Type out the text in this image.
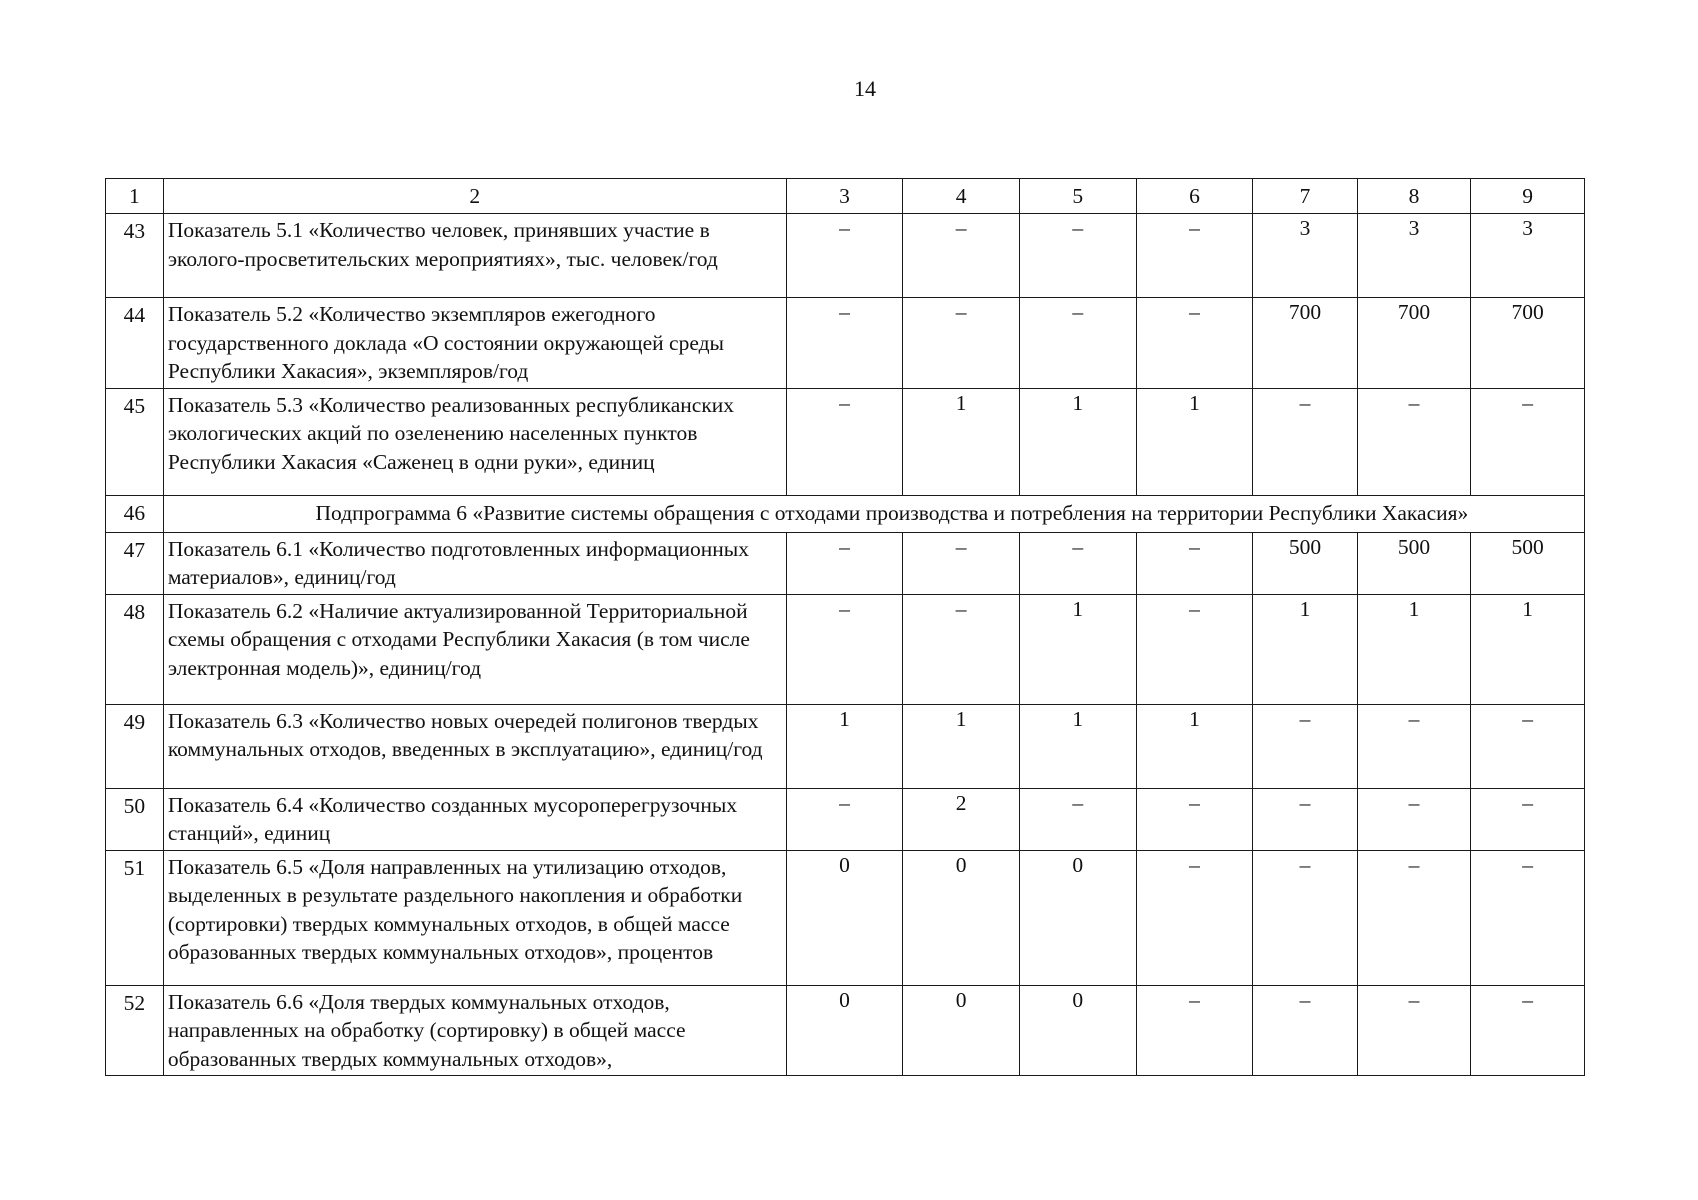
14
1	2	3	4	5	6	7	8	9
43	Показатель 5.1 «Количество человек, принявших участие в эколого-просветительских мероприятиях», тыс. человек/год	–	–	–	–	3	3	3
44	Показатель 5.2 «Количество экземпляров ежегодного государственного доклада «О состоянии окружающей среды Республики Хакасия», экземпляров/год	–	–	–	–	700	700	700
45	Показатель 5.3 «Количество реализованных республиканских экологических акций по озеленению населенных пунктов Республики Хакасия «Саженец в одни руки», единиц	–	1	1	1	–	–	–
46	Подпрограмма 6 «Развитие системы обращения с отходами производства и потребления на территории Республики Хакасия»							
47	Показатель 6.1 «Количество подготовленных информационных материалов», единиц/год	–	–	–	–	500	500	500
48	Показатель 6.2 «Наличие актуализированной Территориальной схемы обращения с отходами Республики Хакасия (в том числе электронная модель)», единиц/год	–	–	1	–	1	1	1
49	Показатель 6.3 «Количество новых очередей полигонов твердых коммунальных отходов, введенных в эксплуатацию», единиц/год	1	1	1	1	–	–	–
50	Показатель 6.4 «Количество созданных мусороперегрузочных станций», единиц	–	2	–	–	–	–	–
51	Показатель 6.5 «Доля направленных на утилизацию отходов, выделенных в результате раздельного накопления и обработки (сортировки) твердых коммунальных отходов, в общей массе образованных твердых коммунальных отходов», процентов	0	0	0	–	–	–	–
52	Показатель 6.6 «Доля твердых коммунальных отходов, направленных на обработку (сортировку) в общей массе образованных твердых коммунальных отходов»,	0	0	0	–	–	–	–
